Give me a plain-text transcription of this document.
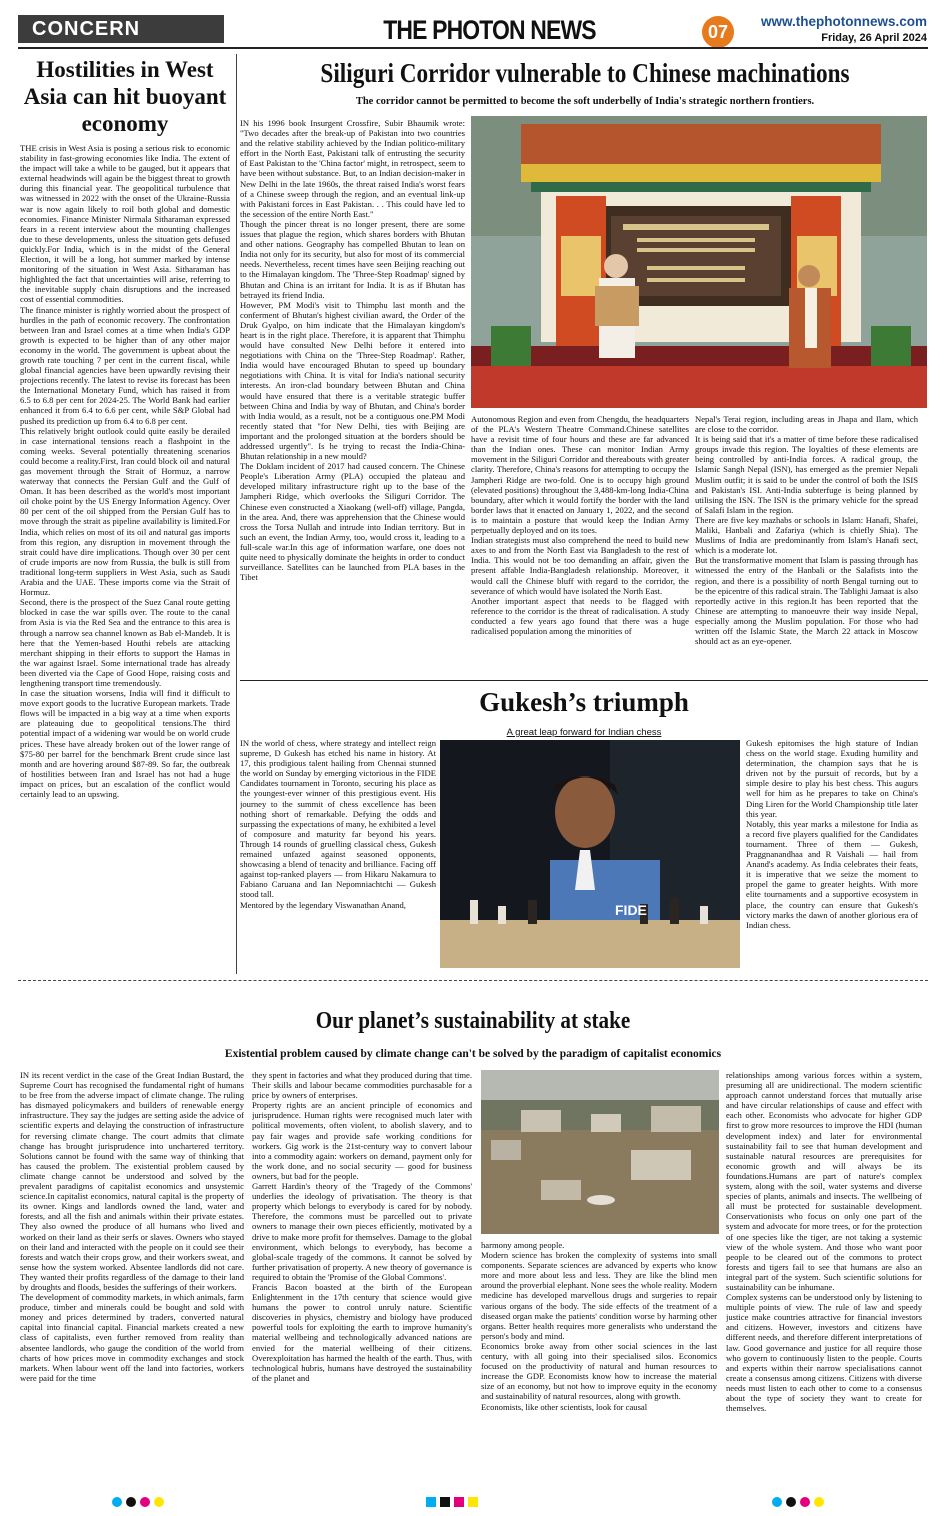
CONCERN	THE PHOTON NEWS	07
www.thephotonnews.com
Friday, 26 April 2024
Hostilities in West Asia can hit buoyant economy

THE crisis in West Asia is posing a serious risk to economic stability in fast-growing economies like India. The extent of the impact will take a while to be gauged, but it appears that external headwinds will again be the biggest threat to growth during this financial year. The geopolitical turbulence that was witnessed in 2022 with the onset of the Ukraine-Russia war is now again likely to roil both global and domestic economies. Finance Minister Nirmala Sitharaman expressed fears in a recent interview about the mounting challenges due to these developments, unless the situation gets defused quickly.For India, which is in the midst of the General Election, it will be a long, hot summer marked by intense monitoring of the situation in West Asia. Sitharaman has highlighted the fact that uncertainties will arise, referring to the inevitable supply chain disruptions and the increased cost of essential commodities.

The finance minister is rightly worried about the prospect of hurdles in the path of economic recovery. The confrontation between Iran and Israel comes at a time when India's GDP growth is expected to be higher than of any other major economy in the world. The government is upbeat about the growth rate touching 7 per cent in the current fiscal, while global financial agencies have been upwardly revising their projections recently. The latest to revise its forecast has been the International Monetary Fund, which has raised it from 6.5 to 6.8 per cent for 2024-25. The World Bank had earlier enhanced it from 6.4 to 6.6 per cent, while S&P Global had pushed its prediction up from 6.4 to 6.8 per cent.

This relatively bright outlook could quite easily be derailed in case international tensions reach a flashpoint in the coming weeks. Several potentially threatening scenarios could become a reality.First, Iran could block oil and natural gas movement through the Strait of Hormuz, a narrow waterway that connects the Persian Gulf and the Gulf of Oman. It has been described as the world's most important oil choke point by the US Energy Information Agency. Over 80 per cent of the oil shipped from the Persian Gulf has to move through the strait as pipeline availability is limited.For India, which relies on most of its oil and natural gas imports from this region, any disruption in movement through the strait could have dire implications. Though over 30 per cent of crude imports are now from Russia, the bulk is still from traditional long-term suppliers in West Asia, such as Saudi Arabia and the UAE. These imports come via the Strait of Hormuz.

Second, there is the prospect of the Suez Canal route getting blocked in case the war spills over. The route to the canal from Asia is via the Red Sea and the entrance to this area is through a narrow sea channel known as Bab el-Mandeb. It is here that the Yemen-based Houthi rebels are attacking merchant shipping in their efforts to support the Hamas in the war against Israel. Some international trade has already been diverted via the Cape of Good Hope, raising costs and lengthening transport time tremendously.

In case the situation worsens, India will find it difficult to move export goods to the lucrative European markets. Trade flows will be impacted in a big way at a time when exports are plateauing due to geopolitical tensions.The third potential impact of a widening war would be on world crude prices. These have already broken out of the lower range of $75-80 per barrel for the benchmark Brent crude since last month and are hovering around $87-89. So far, the outbreak of hostilities between Iran and Israel has not had a huge impact on prices, but an escalation of the conflict would certainly lead to an upswing.

Siliguri Corridor vulnerable to Chinese machinations
The corridor cannot be permitted to become the soft underbelly of India's strategic northern frontiers.

IN his 1996 book Insurgent Crossfire, Subir Bhaumik wrote: "Two decades after the break-up of Pakistan into two countries and the relative stability achieved by the Indian politico-military effort in the North East, Pakistani talk of entrusting the security of East Pakistan to the 'China factor' might, in retrospect, seem to have been without substance. But, to an Indian decision-maker in New Delhi in the late 1960s, the threat raised India's worst fears of a Chinese sweep through the region, and an eventual link-up with Pakistani forces in East Pakistan. . . This could have led to the secession of the entire North East."

Though the pincer threat is no longer present, there are some issues that plague the region, which shares borders with Bhutan and other nations. Geography has compelled Bhutan to lean on India not only for its security, but also for most of its commercial needs. Nevertheless, recent times have seen Beijing reaching out to the Himalayan kingdom. The 'Three-Step Roadmap' signed by Bhutan and China is an irritant for India. It is as if Bhutan has betrayed its friend India.

However, PM Modi's visit to Thimphu last month and the conferment of Bhutan's highest civilian award, the Order of the Druk Gyalpo, on him indicate that the Himalayan kingdom's heart is in the right place. Therefore, it is apparent that Thimphu would have consulted New Delhi before it entered into negotiations with China on the 'Three-Step Roadmap'. Rather, India would have encouraged Bhutan to speed up boundary negotiations with China. It is vital for India's national security interests. An iron-clad boundary between Bhutan and China would have ensured that there is a veritable strategic buffer between China and India by way of Bhutan, and China's border with India would, as a result, not be a contiguous one.PM Modi recently stated that "for New Delhi, ties with Beijing are important and the prolonged situation at the borders should be addressed urgently". Is he trying to recast the India-China-Bhutan relationship in a new mould?

The Doklam incident of 2017 had caused concern. The Chinese People's Liberation Army (PLA) occupied the plateau and developed military infrastructure right up to the base of the Jampheri Ridge, which overlooks the Siliguri Corridor. The Chinese even constructed a Xiaokang (well-off) village, Pangda, in the area. And, there was apprehension that the Chinese would cross the Torsa Nullah and intrude into Indian territory. But in such an event, the Indian Army, too, would cross it, leading to a full-scale war.In this age of information warfare, one does not quite need to physically dominate the heights in order to conduct surveillance. Satellites can be launched from PLA bases in the Tibet

Autonomous Region and even from Chengdu, the headquarters of the PLA's Western Theatre Command.Chinese satellites have a revisit time of four hours and these are far advanced than the Indian ones. These can monitor Indian Army movement in the Siliguri Corridor and thereabouts with greater clarity. Therefore, China's reasons for attempting to occupy the Jampheri Ridge are two-fold. One is to occupy high ground (elevated positions) throughout the 3,488-km-long India-China boundary, after which it would fortify the border with the land border laws that it enacted on January 1, 2022, and the second is to maintain a posture that would keep the Indian Army perpetually deployed and on its toes.

Indian strategists must also comprehend the need to build new axes to and from the North East via Bangladesh to the rest of India. This would not be too demanding an affair, given the present affable India-Bangladesh relationship. Moreover, it would call the Chinese bluff with regard to the corridor, the severance of which would have isolated the North East.

Another important aspect that needs to be flagged with reference to the corridor is the threat of radicalisation. A study conducted a few years ago found that there was a huge radicalised population among the minorities of

Nepal's Terai region, including areas in Jhapa and Ilam, which are close to the corridor.

It is being said that it's a matter of time before these radicalised groups invade this region. The loyalties of these elements are being controlled by anti-India forces. A radical group, the Islamic Sangh Nepal (ISN), has emerged as the premier Nepali Muslim outfit; it is said to be under the control of both the ISIS and Pakistan's ISI. Anti-India subterfuge is being planned by utilising the ISN. The ISN is the primary vehicle for the spread of Salafi Islam in the region.

There are five key mazhabs or schools in Islam: Hanafi, Shafei, Maliki, Hanbali and Zafariya (which is chiefly Shia). The Muslims of India are predominantly from Islam's Hanafi sect, which is a moderate lot.

But the transformative moment that Islam is passing through has witnessed the entry of the Hanbali or the Salafists into the region, and there is a possibility of north Bengal turning out to be the epicentre of this radical strain. The Tablighi Jamaat is also reportedly active in this region.It has been reported that the Chinese are attempting to manoeuvre their way inside Nepal, especially among the Muslim population. For those who had written off the Islamic State, the March 22 attack in Moscow should act as an eye-opener.

Gukesh’s triumph
A great leap forward for Indian chess

IN the world of chess, where strategy and intellect reign supreme, D Gukesh has etched his name in history. At 17, this prodigious talent hailing from Chennai stunned the world on Sunday by emerging victorious in the FIDE Candidates tournament in Toronto, securing his place as the youngest-ever winner of this prestigious event. His journey to the summit of chess excellence has been nothing short of remarkable. Defying the odds and surpassing the expectations of many, he exhibited a level of composure and maturity far beyond his years. Through 14 rounds of gruelling classical chess, Gukesh remained unfazed against seasoned opponents, showcasing a blend of tenacity and brilliance. Facing off against top-ranked players — from Hikaru Nakamura to Fabiano Caruana and Ian Nepomniachtchi — Gukesh stood tall.

Mentored by the legendary Viswanathan Anand,	FIDE

Gukesh epitomises the high stature of Indian chess on the world stage. Exuding humility and determination, the champion says that he is driven not by the pursuit of records, but by a simple desire to play his best chess. This augurs well for him as he prepares to take on China's Ding Liren for the World Championship title later this year.

Notably, this year marks a milestone for India as a record five players qualified for the Candidates tournament. Three of them — Gukesh, Praggnanandhaa and R Vaishali — hail from Anand's academy. As India celebrates their feats, it is imperative that we seize the moment to propel the game to greater heights. With more elite tournaments and a supportive ecosystem in place, the country can ensure that Gukesh's victory marks the dawn of another glorious era of Indian chess.

Our planet’s sustainability at stake
Existential problem caused by climate change can't be solved by the paradigm of capitalist economics

IN its recent verdict in the case of the Great Indian Bustard, the Supreme Court has recognised the fundamental right of humans to be free from the adverse impact of climate change. The ruling has dismayed policymakers and builders of renewable energy infrastructure. They say the judges are setting aside the advice of scientific experts and delaying the construction of infrastructure for reversing climate change. The court admits that climate change has brought jurisprudence into unchartered territory. Solutions cannot be found with the same way of thinking that has caused the problem. The existential problem caused by climate change cannot be understood and solved by the prevalent paradigms of capitalist economics and unsystemic science.In capitalist economics, natural capital is the property of its owner. Kings and landlords owned the land, water and forests, and all the fish and animals within their private estates. They also owned the produce of all humans who lived and worked on their land as their serfs or slaves. Owners who stayed on their land and interacted with the people on it could see their forests and watch their crops grow, and their workers sweat, and sense how the system worked. Absentee landlords did not care. They wanted their profits regardless of the damage to their land by droughts and floods, besides the sufferings of their workers.

The development of commodity markets, in which animals, farm produce, timber and minerals could be bought and sold with money and prices determined by traders, converted natural capital into financial capital. Financial markets created a new class of capitalists, even further removed from reality than absentee landlords, who gauge the condition of the world from charts of how prices move in commodity exchanges and stock markets. When labour went off the land into factories, workers were paid for the time

they spent in factories and what they produced during that time. Their skills and labour became commodities purchasable for a price by owners of enterprises.

Property rights are an ancient principle of economics and jurisprudence. Human rights were recognised much later with political movements, often violent, to abolish slavery, and to pay fair wages and provide safe working conditions for workers. Gig work is the 21st-century way to convert labour into a commodity again: workers on demand, payment only for the work done, and no social security — good for business owners, but bad for the people.

Garrett Hardin's theory of the 'Tragedy of the Commons' underlies the ideology of privatisation. The theory is that property which belongs to everybody is cared for by nobody. Therefore, the commons must be parcelled out to private owners to manage their own pieces efficiently, motivated by a drive to make more profit for themselves. Damage to the global environment, which belongs to everybody, has become a global-scale tragedy of the commons. It cannot be solved by further privatisation of property. A new theory of governance is required to obtain the 'Promise of the Global Commons'.

Francis Bacon boasted at the birth of the European Enlightenment in the 17th century that science would give humans the power to control unruly nature. Scientific discoveries in physics, chemistry and biology have produced powerful tools for exploiting the earth to improve humanity's material wellbeing and technologically advanced nations are envied for the material wellbeing of their citizens. Overexploitation has harmed the health of the earth. Thus, with technological hubris, humans have destroyed the sustainability of the planet and

harmony among people.

Modern science has broken the complexity of systems into small components. Separate sciences are advanced by experts who know more and more about less and less. They are like the blind men around the proverbial elephant. None sees the whole reality. Modern medicine has developed marvellous drugs and surgeries to repair various organs of the body. The side effects of the treatment of a diseased organ make the patients' condition worse by harming other organs. Better health requires more generalists who understand the person's body and mind.

Economics broke away from other social sciences in the last century, with all going into their specialised silos. Economics focused on the productivity of natural and human resources to increase the GDP. Economists know how to increase the material size of an economy, but not how to improve equity in the economy and sustainability of natural resources, along with growth.

Economists, like other scientists, look for causal

relationships among various forces within a system, presuming all are unidirectional. The modern scientific approach cannot understand forces that mutually arise and have circular relationships of cause and effect with each other. Economists who advocate for higher GDP first to grow more resources to improve the HDI (human development index) and later for environmental sustainability fail to see that human development and sustainable natural resources are prerequisites for economic growth and will always be its foundations.Humans are part of nature's complex system, along with the soil, water systems and diverse species of plants, animals and insects. The wellbeing of all must be protected for sustainable development. Conservationists who focus on only one part of the system and advocate for more trees, or for the protection of one species like the tiger, are not taking a systemic view of the whole system. And those who want poor people to be cleared out of the commons to protect forests and tigers fail to see that humans are also an integral part of the system. Such scientific solutions for sustainability can be inhumane.

Complex systems can be understood only by listening to multiple points of view. The rule of law and speedy justice make countries attractive for financial investors and citizens. However, investors and citizens have different needs, and therefore different interpretations of law. Good governance and justice for all require those who govern to continuously listen to the people. Courts and experts within their narrow specialisations cannot create a consensus among citizens. Citizens with diverse needs must listen to each other to come to a consensus about the type of society they want to create for themselves.
